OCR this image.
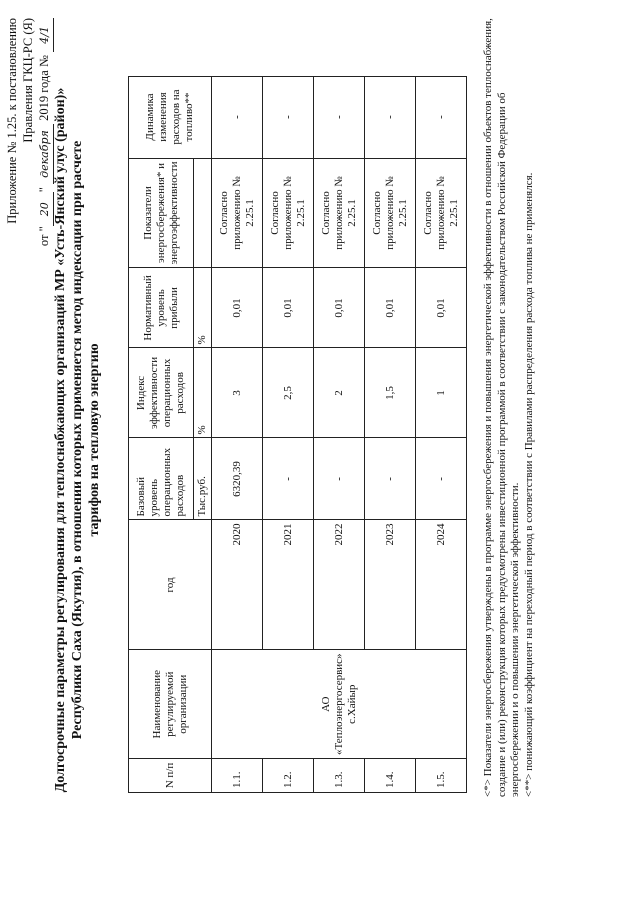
Приложение № 1.25. к постановлению Правления ГКЦ-РС (Я)
от "20" декабря 2019 года № 4/1
Долгосрочные параметры регулирования для теплоснабжающих организаций МР «Усть-Янский улус (район)» Республики Саха (Якутия), в отношении которых применяется метод индексации при расчете тарифов на тепловую энергию
N п/п	Наименование регулируемой организации	год	Базовый уровень операционных расходов	Индекс эффективности операционных расходов	Нормативный уровень прибыли	Показатели энергосбережения* и энергоэффективности	Динамика изменения расходов на топливо**
			Тыс.руб.	%	%		
1.1.	АО «Теплоэнергосервис» с.Хайыр	2020	6320,39	3	0,01	Согласно приложению № 2.25.1	-
1.2.		2021	-	2,5	0,01	Согласно приложению № 2.25.1	-
1.3.		2022	-	2	0,01	Согласно приложению № 2.25.1	-
1.4.		2023	-	1,5	0,01	Согласно приложению № 2.25.1	-
1.5.		2024	-	1	0,01	Согласно приложению № 2.25.1	-	<*> Показатели энергосбережения утверждены в программе энергосбережения и повышения энергетической эффективности в отношении объектов теплоснабжения, создание и (или) реконструкция которых предусмотрены инвестиционной программой в соответствии с законодательством Российской Федерации об энергосбережении и о повышении энергетической эффективности. <**> понижающий коэффициент на переходный период в соответствии с Правилами распределения расхода топлива не применялся.
